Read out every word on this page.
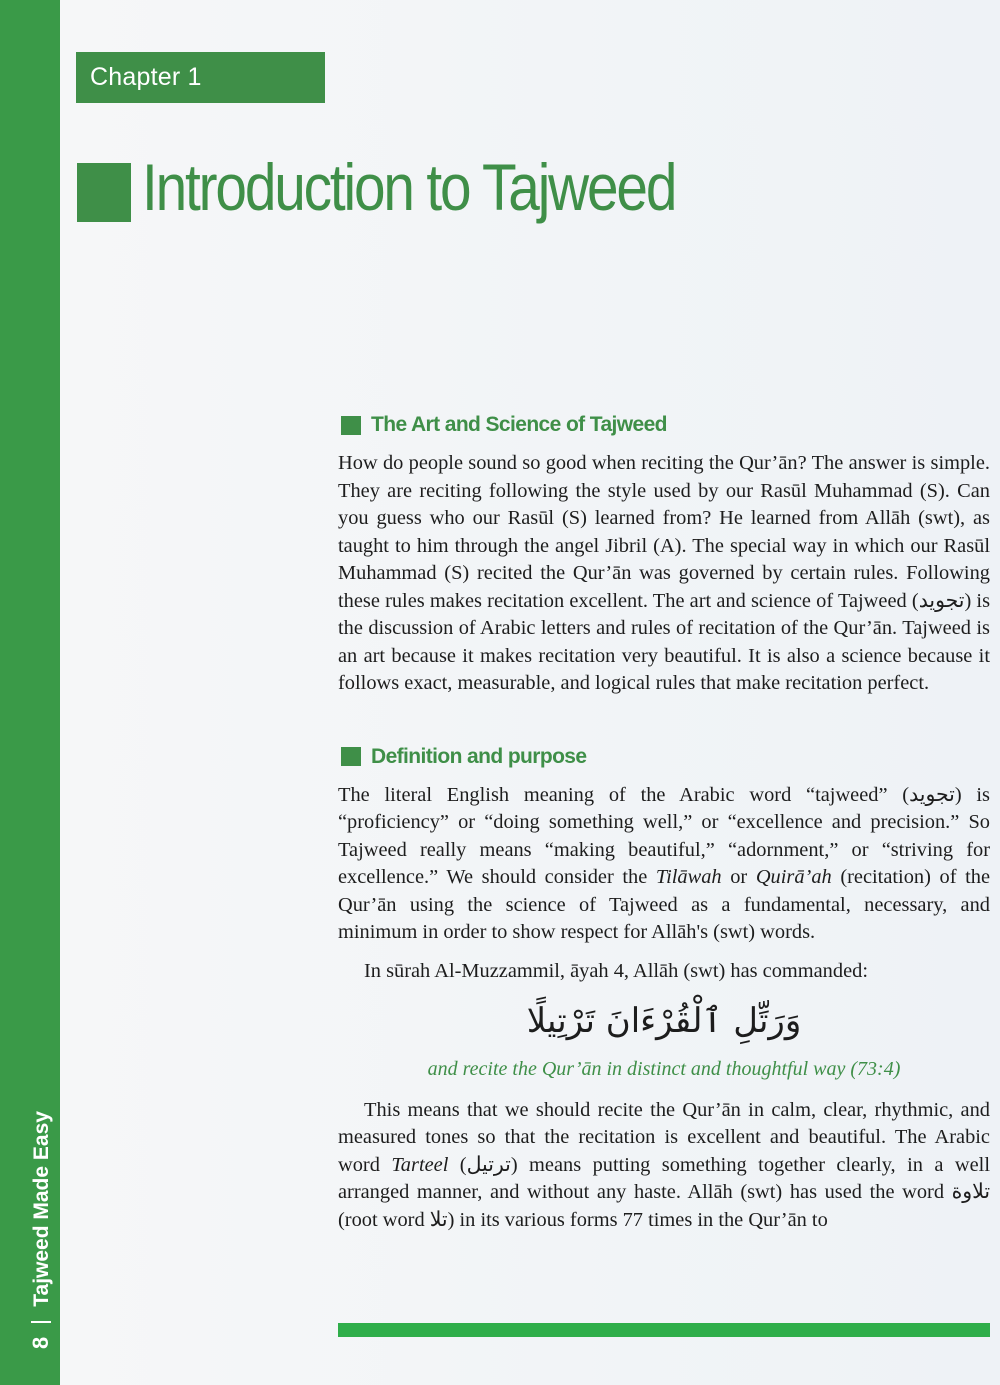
8Tajweed Made Easy
Chapter 1
Introduction to Tajweed
The Art and Science of Tajweed

How do people sound so good when reciting the Qur’ān? The answer is simple. They are reciting following the style used by our Rasūl Muhammad (S). Can you guess who our Rasūl (S) learned from? He learned from Allāh (swt), as taught to him through the angel Jibril (A). The special way in which our Rasūl Muhammad (S) recited the Qur’ān was governed by certain rules. Following these rules makes recitation excellent. The art and science of Tajweed (تجويد) is the discussion of Arabic letters and rules of recitation of the Qur’ān. Tajweed is an art because it makes recitation very beautiful. It is also a science because it follows exact, measurable, and logical rules that make recitation perfect.

Definition and purpose

The literal English meaning of the Arabic word “tajweed” (تجويد) is “proficiency” or “doing something well,” or “excellence and precision.” So Tajweed really means “making beautiful,” “adornment,” or “striving for excellence.” We should consider the Tilāwah or Quirā’ah (recitation) of the Qur’ān using the science of Tajweed as a fundamental, necessary, and minimum in order to show respect for Allāh's (swt) words.

In sūrah Al-Muzzammil, āyah 4, Allāh (swt) has commanded:

وَرَتِّلِ ٱلْقُرْءَانَ تَرْتِيلًا
and recite the Qur’ān in distinct and thoughtful way (73:4)

This means that we should recite the Qur’ān in calm, clear, rhythmic, and measured tones so that the recitation is excellent and beautiful. The Arabic word Tarteel (ترتيل) means putting something together clearly, in a well arranged manner, and without any haste. Allāh (swt) has used the word تلاوة (root word تلا) in its various forms 77 times in the Qur’ān to
